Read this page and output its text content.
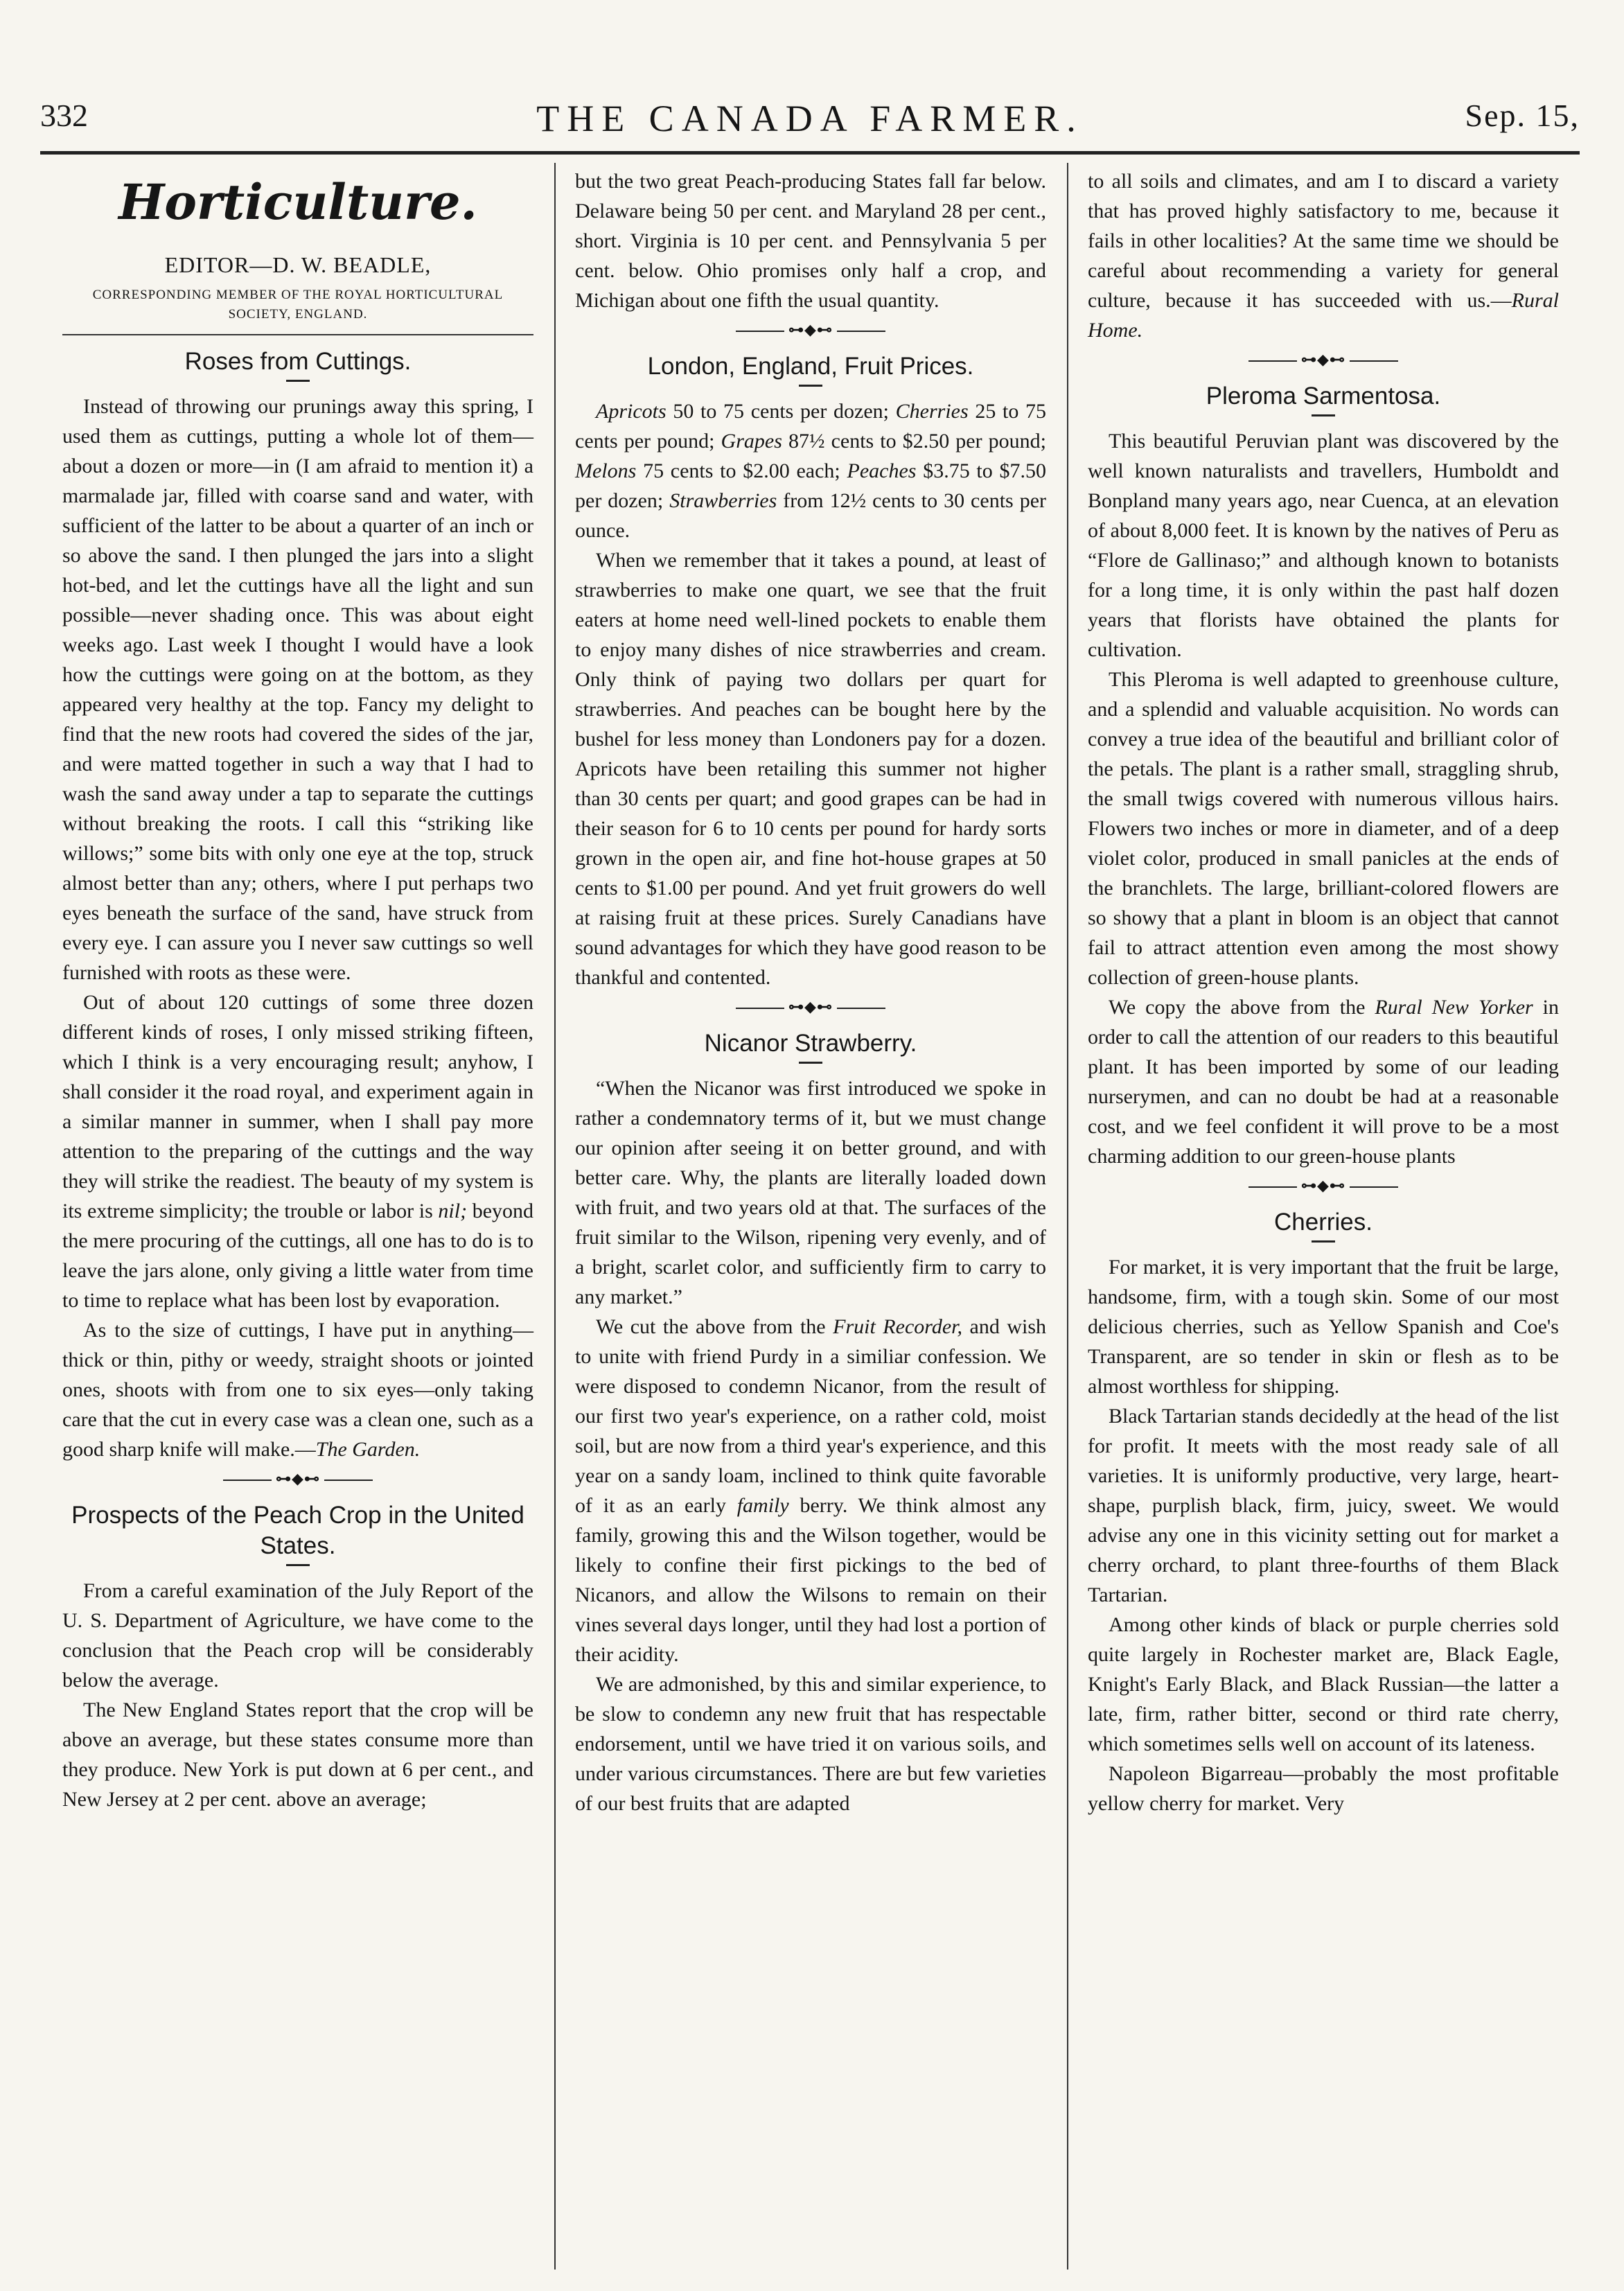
332	THE CANADA FARMER.	Sep. 15,
Horticulture.
EDITOR—D. W. BEADLE,
CORRESPONDING MEMBER OF THE ROYAL HORTICULTURAL SOCIETY, ENGLAND.
Roses from Cuttings.

Instead of throwing our prunings away this spring, I used them as cuttings, putting a whole lot of them—about a dozen or more—in (I am afraid to mention it) a marmalade jar, filled with coarse sand and water, with sufficient of the latter to be about a quarter of an inch or so above the sand. I then plunged the jars into a slight hot-bed, and let the cuttings have all the light and sun possible—never shading once. This was about eight weeks ago. Last week I thought I would have a look how the cuttings were going on at the bottom, as they appeared very healthy at the top. Fancy my delight to find that the new roots had covered the sides of the jar, and were matted together in such a way that I had to wash the sand away under a tap to separate the cuttings without breaking the roots. I call this “striking like willows;” some bits with only one eye at the top, struck almost better than any; others, where I put perhaps two eyes beneath the surface of the sand, have struck from every eye. I can assure you I never saw cuttings so well furnished with roots as these were.

Out of about 120 cuttings of some three dozen different kinds of roses, I only missed striking fifteen, which I think is a very encouraging result; anyhow, I shall consider it the road royal, and experiment again in a similar manner in summer, when I shall pay more attention to the preparing of the cuttings and the way they will strike the readiest. The beauty of my system is its extreme simplicity; the trouble or labor is nil; beyond the mere procuring of the cuttings, all one has to do is to leave the jars alone, only giving a little water from time to time to replace what has been lost by evaporation.

As to the size of cuttings, I have put in anything—thick or thin, pithy or weedy, straight shoots or jointed ones, shoots with from one to six eyes—only taking care that the cut in every case was a clean one, such as a good sharp knife will make.—The Garden.

⊶◆⊷
Prospects of the Peach Crop in the United States.

From a careful examination of the July Report of the U. S. Department of Agriculture, we have come to the conclusion that the Peach crop will be considerably below the average.

The New England States report that the crop will be above an average, but these states consume more than they produce. New York is put down at 6 per cent., and New Jersey at 2 per cent. above an average;

but the two great Peach-producing States fall far below. Delaware being 50 per cent. and Maryland 28 per cent., short. Virginia is 10 per cent. and Pennsylvania 5 per cent. below. Ohio promises only half a crop, and Michigan about one fifth the usual quantity.

⊶◆⊷
London, England, Fruit Prices.

Apricots 50 to 75 cents per dozen; Cherries 25 to 75 cents per pound; Grapes 87½ cents to $2.50 per pound; Melons 75 cents to $2.00 each; Peaches $3.75 to $7.50 per dozen; Strawberries from 12½ cents to 30 cents per ounce.

When we remember that it takes a pound, at least of strawberries to make one quart, we see that the fruit eaters at home need well-lined pockets to enable them to enjoy many dishes of nice strawberries and cream. Only think of paying two dollars per quart for strawberries. And peaches can be bought here by the bushel for less money than Londoners pay for a dozen. Apricots have been retailing this summer not higher than 30 cents per quart; and good grapes can be had in their season for 6 to 10 cents per pound for hardy sorts grown in the open air, and fine hot-house grapes at 50 cents to $1.00 per pound. And yet fruit growers do well at raising fruit at these prices. Surely Canadians have sound advantages for which they have good reason to be thankful and contented.

⊶◆⊷
Nicanor Strawberry.

“When the Nicanor was first introduced we spoke in rather a condemnatory terms of it, but we must change our opinion after seeing it on better ground, and with better care. Why, the plants are literally loaded down with fruit, and two years old at that. The surfaces of the fruit similar to the Wilson, ripening very evenly, and of a bright, scarlet color, and sufficiently firm to carry to any market.”

We cut the above from the Fruit Recorder, and wish to unite with friend Purdy in a similiar confession. We were disposed to condemn Nicanor, from the result of our first two year's experience, on a rather cold, moist soil, but are now from a third year's experience, and this year on a sandy loam, inclined to think quite favorable of it as an early family berry. We think almost any family, growing this and the Wilson together, would be likely to confine their first pickings to the bed of Nicanors, and allow the Wilsons to remain on their vines several days longer, until they had lost a portion of their acidity.

We are admonished, by this and similar experience, to be slow to condemn any new fruit that has respectable endorsement, until we have tried it on various soils, and under various circumstances. There are but few varieties of our best fruits that are adapted

to all soils and climates, and am I to discard a variety that has proved highly satisfactory to me, because it fails in other localities? At the same time we should be careful about recommending a variety for general culture, because it has succeeded with us.—Rural Home.

⊶◆⊷
Pleroma Sarmentosa.

This beautiful Peruvian plant was discovered by the well known naturalists and travellers, Humboldt and Bonpland many years ago, near Cuenca, at an elevation of about 8,000 feet. It is known by the natives of Peru as “Flore de Gallinaso;” and although known to botanists for a long time, it is only within the past half dozen years that florists have obtained the plants for cultivation.

This Pleroma is well adapted to greenhouse culture, and a splendid and valuable acquisition. No words can convey a true idea of the beautiful and brilliant color of the petals. The plant is a rather small, straggling shrub, the small twigs covered with numerous villous hairs. Flowers two inches or more in diameter, and of a deep violet color, produced in small panicles at the ends of the branchlets. The large, brilliant-colored flowers are so showy that a plant in bloom is an object that cannot fail to attract attention even among the most showy collection of green-house plants.

We copy the above from the Rural New Yorker in order to call the attention of our readers to this beautiful plant. It has been imported by some of our leading nurserymen, and can no doubt be had at a reasonable cost, and we feel confident it will prove to be a most charming addition to our green-house plants

⊶◆⊷
Cherries.

For market, it is very important that the fruit be large, handsome, firm, with a tough skin. Some of our most delicious cherries, such as Yellow Spanish and Coe's Transparent, are so tender in skin or flesh as to be almost worthless for shipping.

Black Tartarian stands decidedly at the head of the list for profit. It meets with the most ready sale of all varieties. It is uniformly productive, very large, heart-shape, purplish black, firm, juicy, sweet. We would advise any one in this vicinity setting out for market a cherry orchard, to plant three-fourths of them Black Tartarian.

Among other kinds of black or purple cherries sold quite largely in Rochester market are, Black Eagle, Knight's Early Black, and Black Russian—the latter a late, firm, rather bitter, second or third rate cherry, which sometimes sells well on account of its lateness.

Napoleon Bigarreau—probably the most profitable yellow cherry for market. Very
